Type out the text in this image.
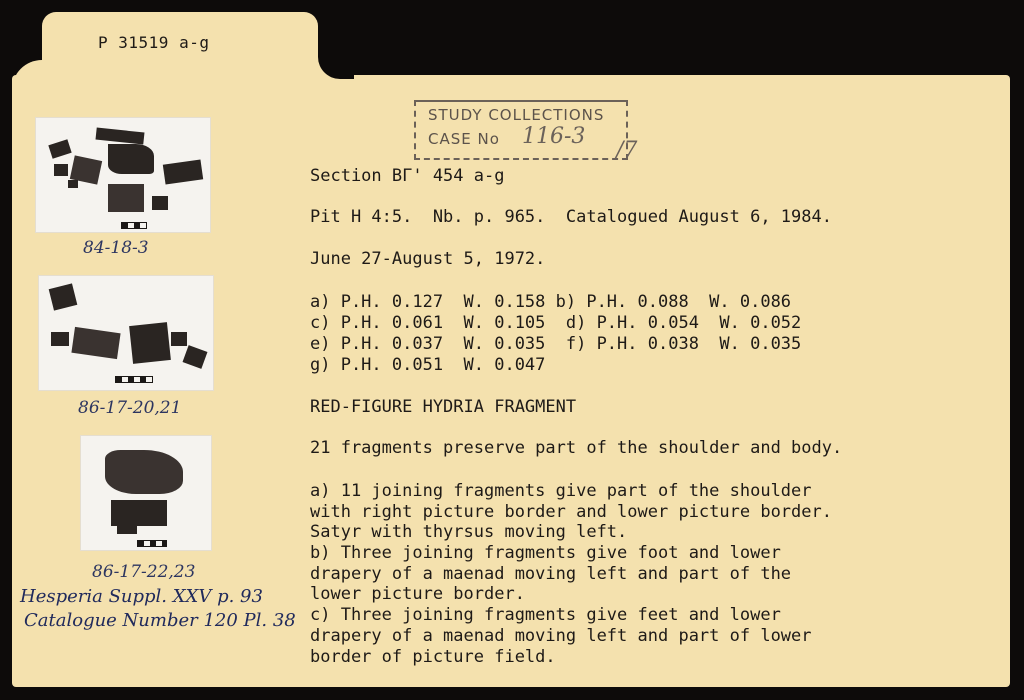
P 31519 a-g
STUDY COLLECTIONS
CASE No 116-3
/7
Section ΒΓ' 454 a-g
Pit H 4:5.  Nb. p. 965.  Catalogued August 6, 1984.
June 27-August 5, 1972.
a) P.H. 0.127  W. 0.158 b) P.H. 0.088  W. 0.086
c) P.H. 0.061  W. 0.105  d) P.H. 0.054  W. 0.052
e) P.H. 0.037  W. 0.035  f) P.H. 0.038  W. 0.035
g) P.H. 0.051  W. 0.047
RED-FIGURE HYDRIA FRAGMENT
21 fragments preserve part of the shoulder and body.
a) 11 joining fragments give part of the shoulder
with right picture border and lower picture border.
Satyr with thyrsus moving left.
b) Three joining fragments give foot and lower
drapery of a maenad moving left and part of the
lower picture border.
c) Three joining fragments give feet and lower
drapery of a maenad moving left and part of lower
border of picture field.
84-18-3
86-17-20,21
86-17-22,23
Hesperia Suppl. XXV p. 93
Catalogue Number 120 Pl. 38
